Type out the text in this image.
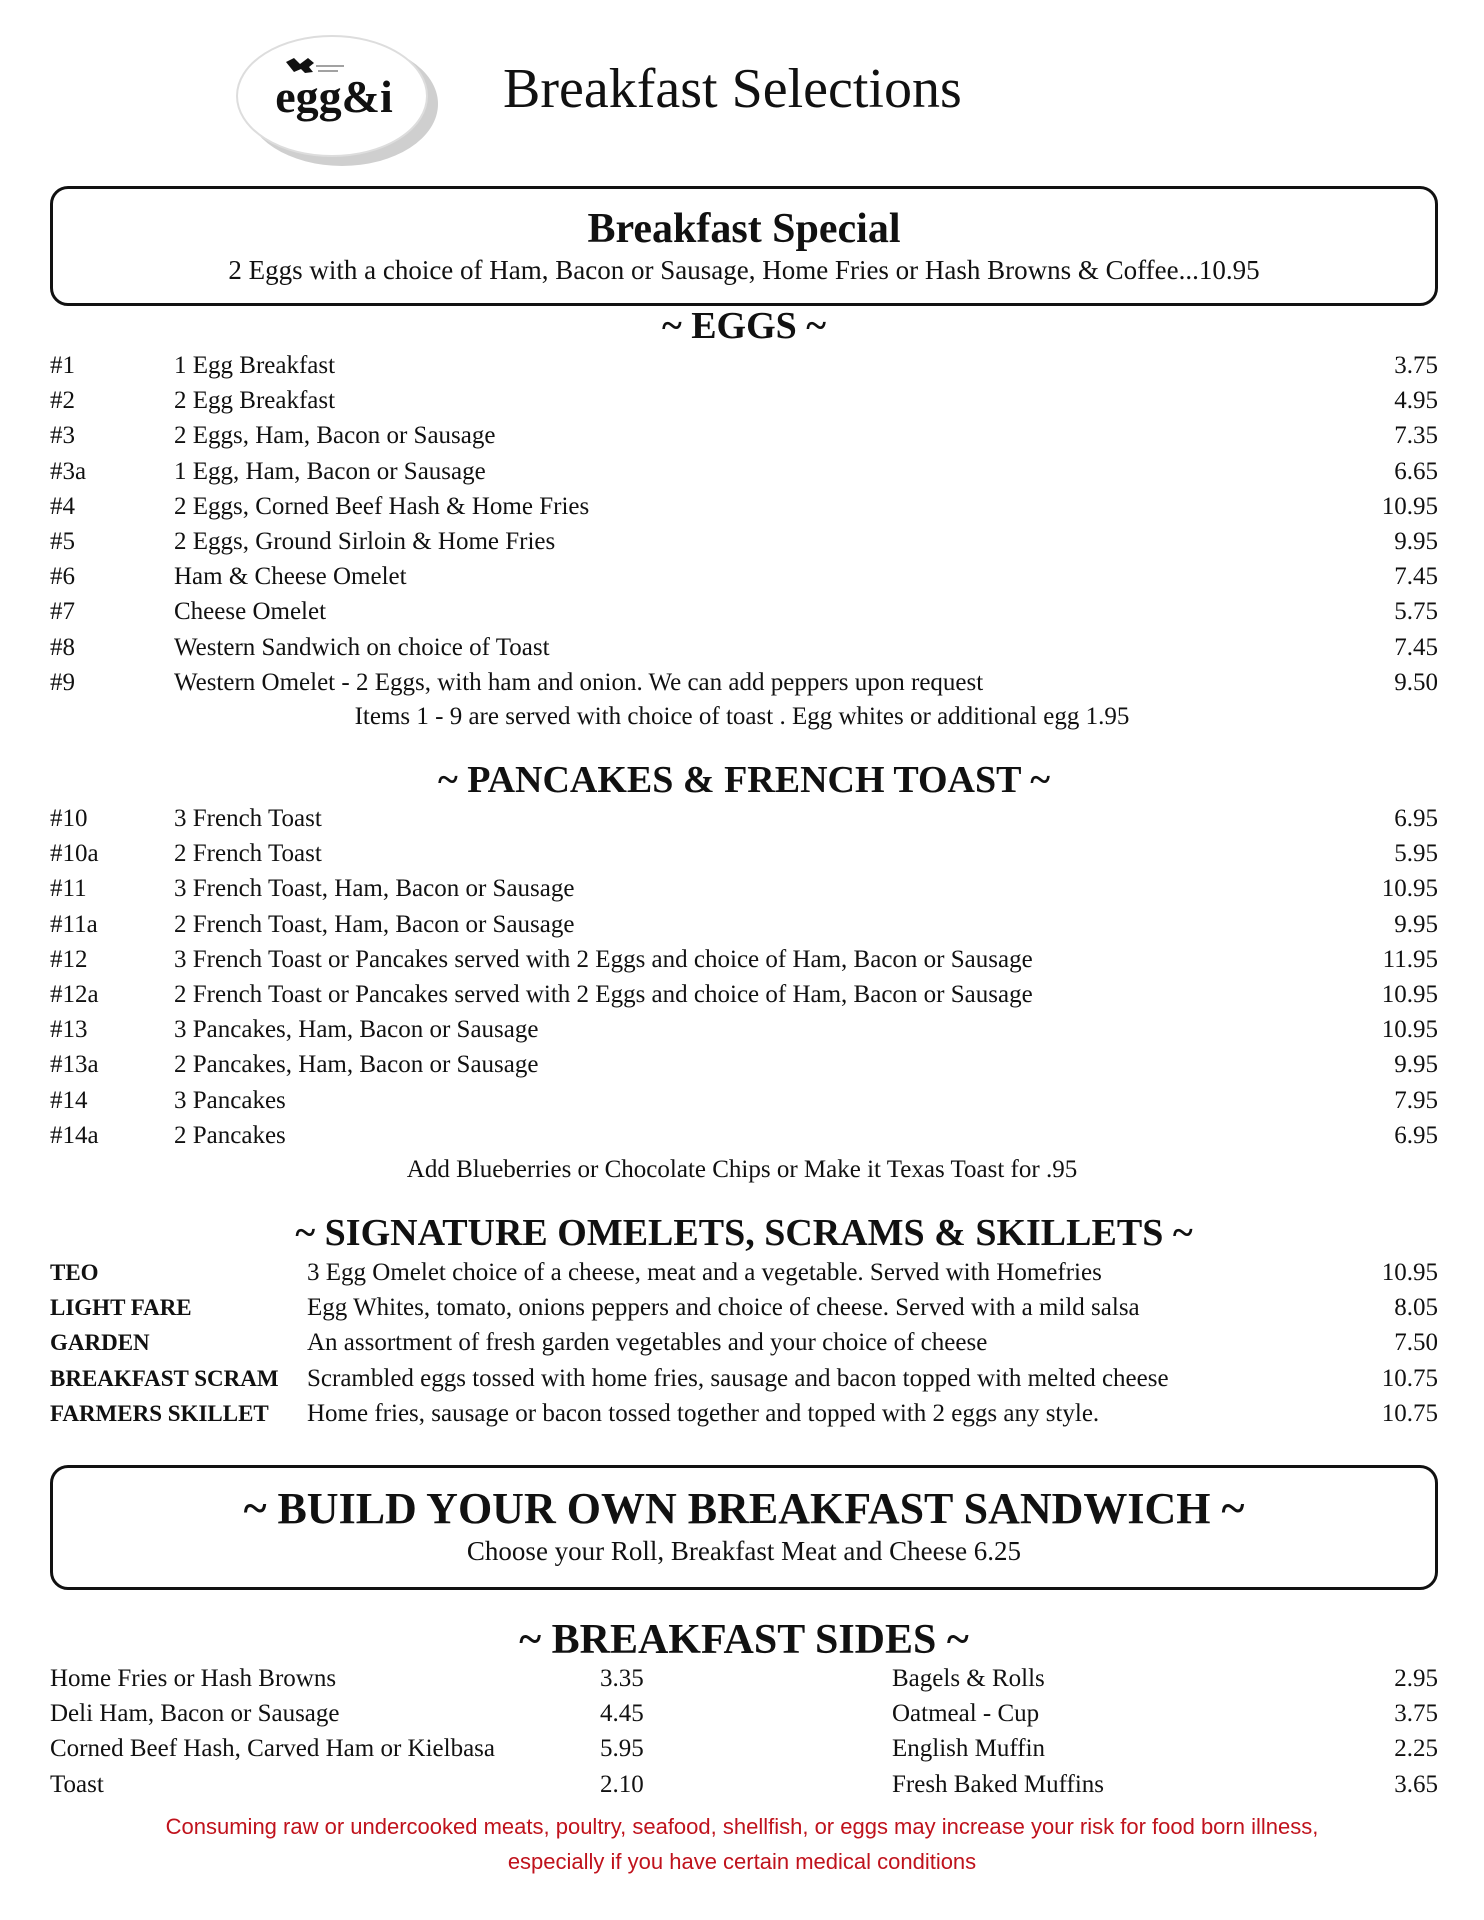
egg&i Breakfast Selections
Breakfast Special
2 Eggs with a choice of Ham, Bacon or Sausage, Home Fries or Hash Browns & Coffee...10.95
~ EGGS ~
#1	1 Egg Breakfast	3.75
#2	2 Egg Breakfast	4.95
#3	2 Eggs, Ham, Bacon or Sausage	7.35
#3a	1 Egg, Ham, Bacon or Sausage	6.65
#4	2 Eggs, Corned Beef Hash & Home Fries	10.95
#5	2 Eggs, Ground Sirloin & Home Fries	9.95
#6	Ham & Cheese Omelet	7.45
#7	Cheese Omelet	5.75
#8	Western Sandwich on choice of Toast	7.45
#9	Western Omelet - 2 Eggs, with ham and onion. We can add peppers upon request	9.50
Items 1 - 9 are served with choice of toast . Egg whites or additional egg 1.95
~ PANCAKES & FRENCH TOAST ~
#10	3 French Toast	6.95
#10a	2 French Toast	5.95
#11	3 French Toast, Ham, Bacon or Sausage	10.95
#11a	2 French Toast, Ham, Bacon or Sausage	9.95
#12	3 French Toast or Pancakes served with 2 Eggs and choice of Ham, Bacon or Sausage	11.95
#12a	2 French Toast or Pancakes served with 2 Eggs and choice of Ham, Bacon or Sausage	10.95
#13	3 Pancakes, Ham, Bacon or Sausage	10.95
#13a	2 Pancakes, Ham, Bacon or Sausage	9.95
#14	3 Pancakes	7.95
#14a	2 Pancakes	6.95
Add Blueberries or Chocolate Chips or Make it Texas Toast for .95
~ SIGNATURE OMELETS, SCRAMS & SKILLETS ~
TEO	3 Egg Omelet choice of a cheese, meat and a vegetable. Served with Homefries	10.95
LIGHT FARE	Egg Whites, tomato, onions peppers and choice of cheese. Served with a mild salsa	8.05
GARDEN	An assortment of fresh garden vegetables and your choice of cheese	7.50
BREAKFAST SCRAM Scrambled eggs tossed with home fries, sausage and bacon topped with melted cheese	10.75
FARMERS SKILLET Home fries, sausage or bacon tossed together and topped with 2 eggs any style.	10.75
~ BUILD YOUR OWN BREAKFAST SANDWICH ~
Choose your Roll, Breakfast Meat and Cheese 6.25
~ BREAKFAST SIDES ~
Home Fries or Hash Browns	3.35	Bagels & Rolls	2.95
Deli Ham, Bacon or Sausage	4.45	Oatmeal - Cup	3.75
Corned Beef Hash, Carved Ham or Kielbasa	5.95	English Muffin	2.25
Toast	2.10	Fresh Baked Muffins	3.65
Consuming raw or undercooked meats, poultry, seafood, shellfish, or eggs may increase your risk for food born illness,
especially if you have certain medical conditions
